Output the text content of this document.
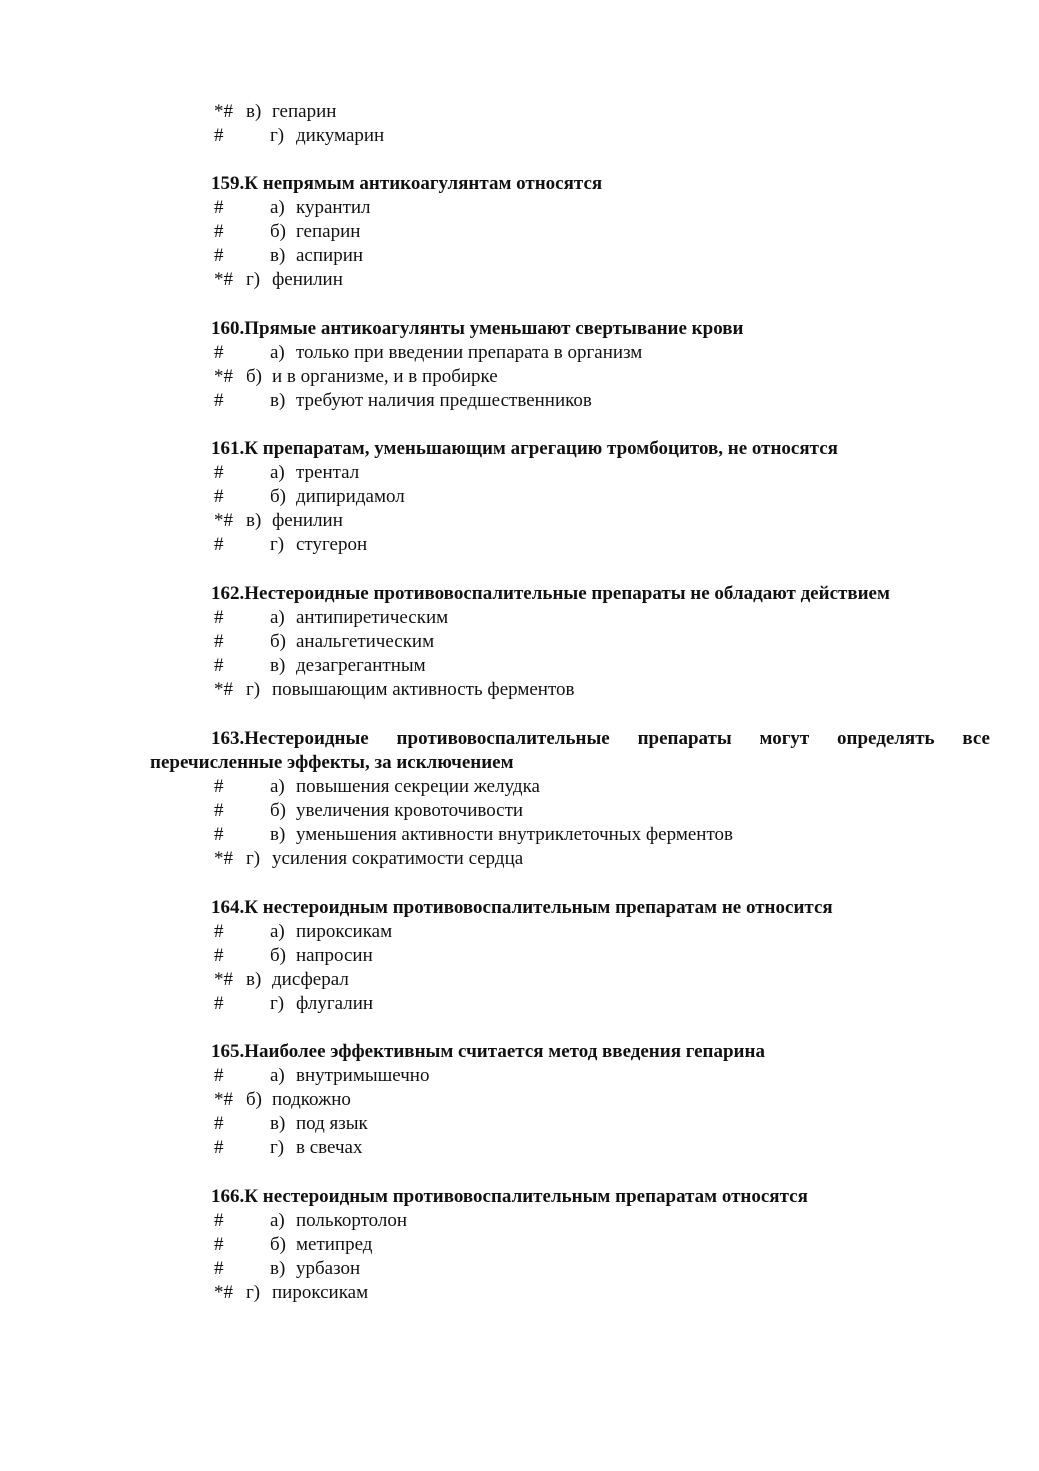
*# в) гепарин
# г) дикумарин
159.К непрямым антикоагулянтам относятся
# а) курантил
# б) гепарин
# в) аспирин
*# г) фенилин
160.Прямые антикоагулянты уменьшают свертывание крови
# а) только при введении препарата в организм
*# б) и в организме, и в пробирке
# в) требуют наличия предшественников
161.К препаратам, уменьшающим агрегацию тромбоцитов, не относятся
# а) трентал
# б) дипиридамол
*# в) фенилин
# г) стугерон
162.Нестероидные противовоспалительные препараты не обладают действием
# а) антипиретическим
# б) анальгетическим
# в) дезагрегантным
*# г) повышающим активность ферментов
163.Нестероидные противовоспалительные препараты могут определять все
перечисленные эффекты, за исключением
# а) повышения секреции желудка
# б) увеличения кровоточивости
# в) уменьшения активности внутриклеточных ферментов
*# г) усиления сократимости сердца
164.К нестероидным противовоспалительным препаратам не относится
# а) пироксикам
# б) напросин
*# в) дисферал
# г) флугалин
165.Наиболее эффективным считается метод введения гепарина
# а) внутримышечно
*# б) подкожно
# в) под язык
# г) в свечах
166.К нестероидным противовоспалительным препаратам относятся
# а) полькортолон
# б) метипред
# в) урбазон
*# г) пироксикам
